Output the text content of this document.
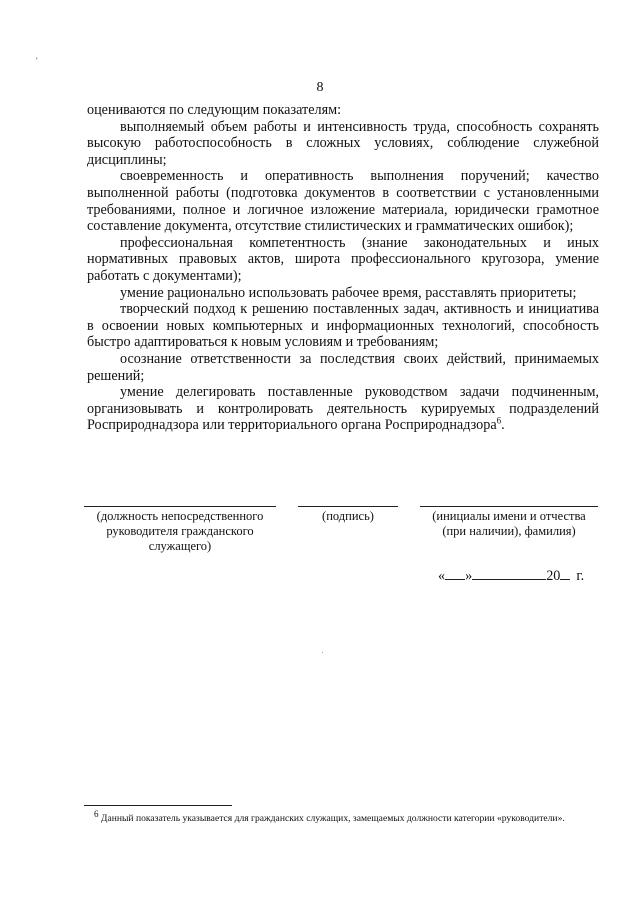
'
8

оцениваются по следующим показателям:

выполняемый объем работы и интенсивность труда, способность сохранять высокую работоспособность в сложных условиях, соблюдение служебной дисциплины;

своевременность и оперативность выполнения поручений; качество выполненной работы (подготовка документов в соответствии с установленными требованиями, полное и логичное изложение материала, юридически грамотное составление документа, отсутствие стилистических и грамматических ошибок);

профессиональная компетентность (знание законодательных и иных нормативных правовых актов, широта профессионального кругозора, умение работать с документами);

умение рационально использовать рабочее время, расставлять приоритеты;

творческий подход к решению поставленных задач, активность и инициатива в освоении новых компьютерных и информационных технологий, способность быстро адаптироваться к новым условиям и требованиям;

осознание ответственности за последствия своих действий, принимаемых решений;

умение делегировать поставленные руководством задачи подчиненным, организовывать и контролировать деятельность курируемых подразделений Росприроднадзора или территориального органа Росприроднадзора$^6$.

(должность непосредственного
руководителя гражданского
служащего)
(подпись)	(инициалы имени и отчества
(при наличии), фамилия)
« »	20 г.
$^6$ Данный показатель указывается для гражданских служащих, замещаемых должности категории «руководители».
